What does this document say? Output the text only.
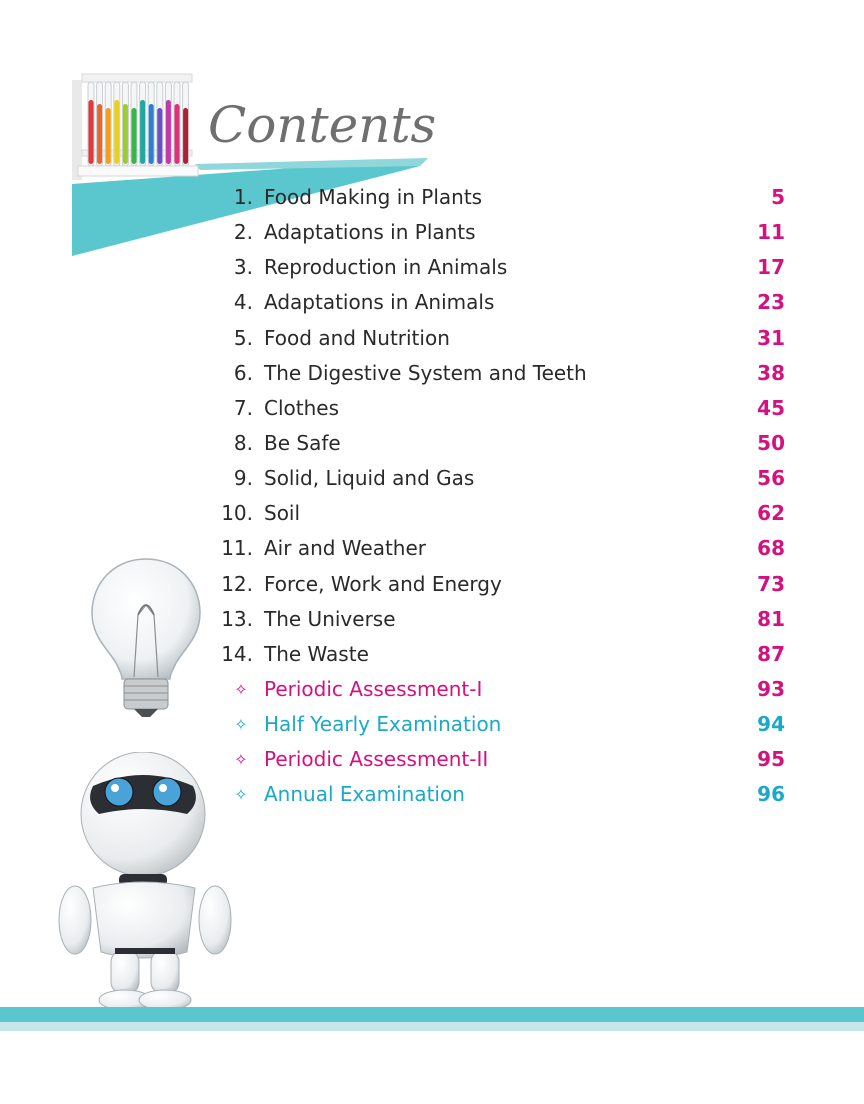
Contents
1. Food Making in Plants	5
2. Adaptations in Plants	11
3. Reproduction in Animals	17
4. Adaptations in Animals	23
5. Food and Nutrition	31
6. The Digestive System and Teeth	38
7. Clothes	45
8. Be Safe	50
9. Solid, Liquid and Gas	56
10. Soil	62
11. Air and Weather	68
12. Force, Work and Energy	73
13. The Universe	81
14. The Waste	87
✧ Periodic Assessment-I	93
✧ Half Yearly Examination	94
✧ Periodic Assessment-II	95
✧ Annual Examination	96
